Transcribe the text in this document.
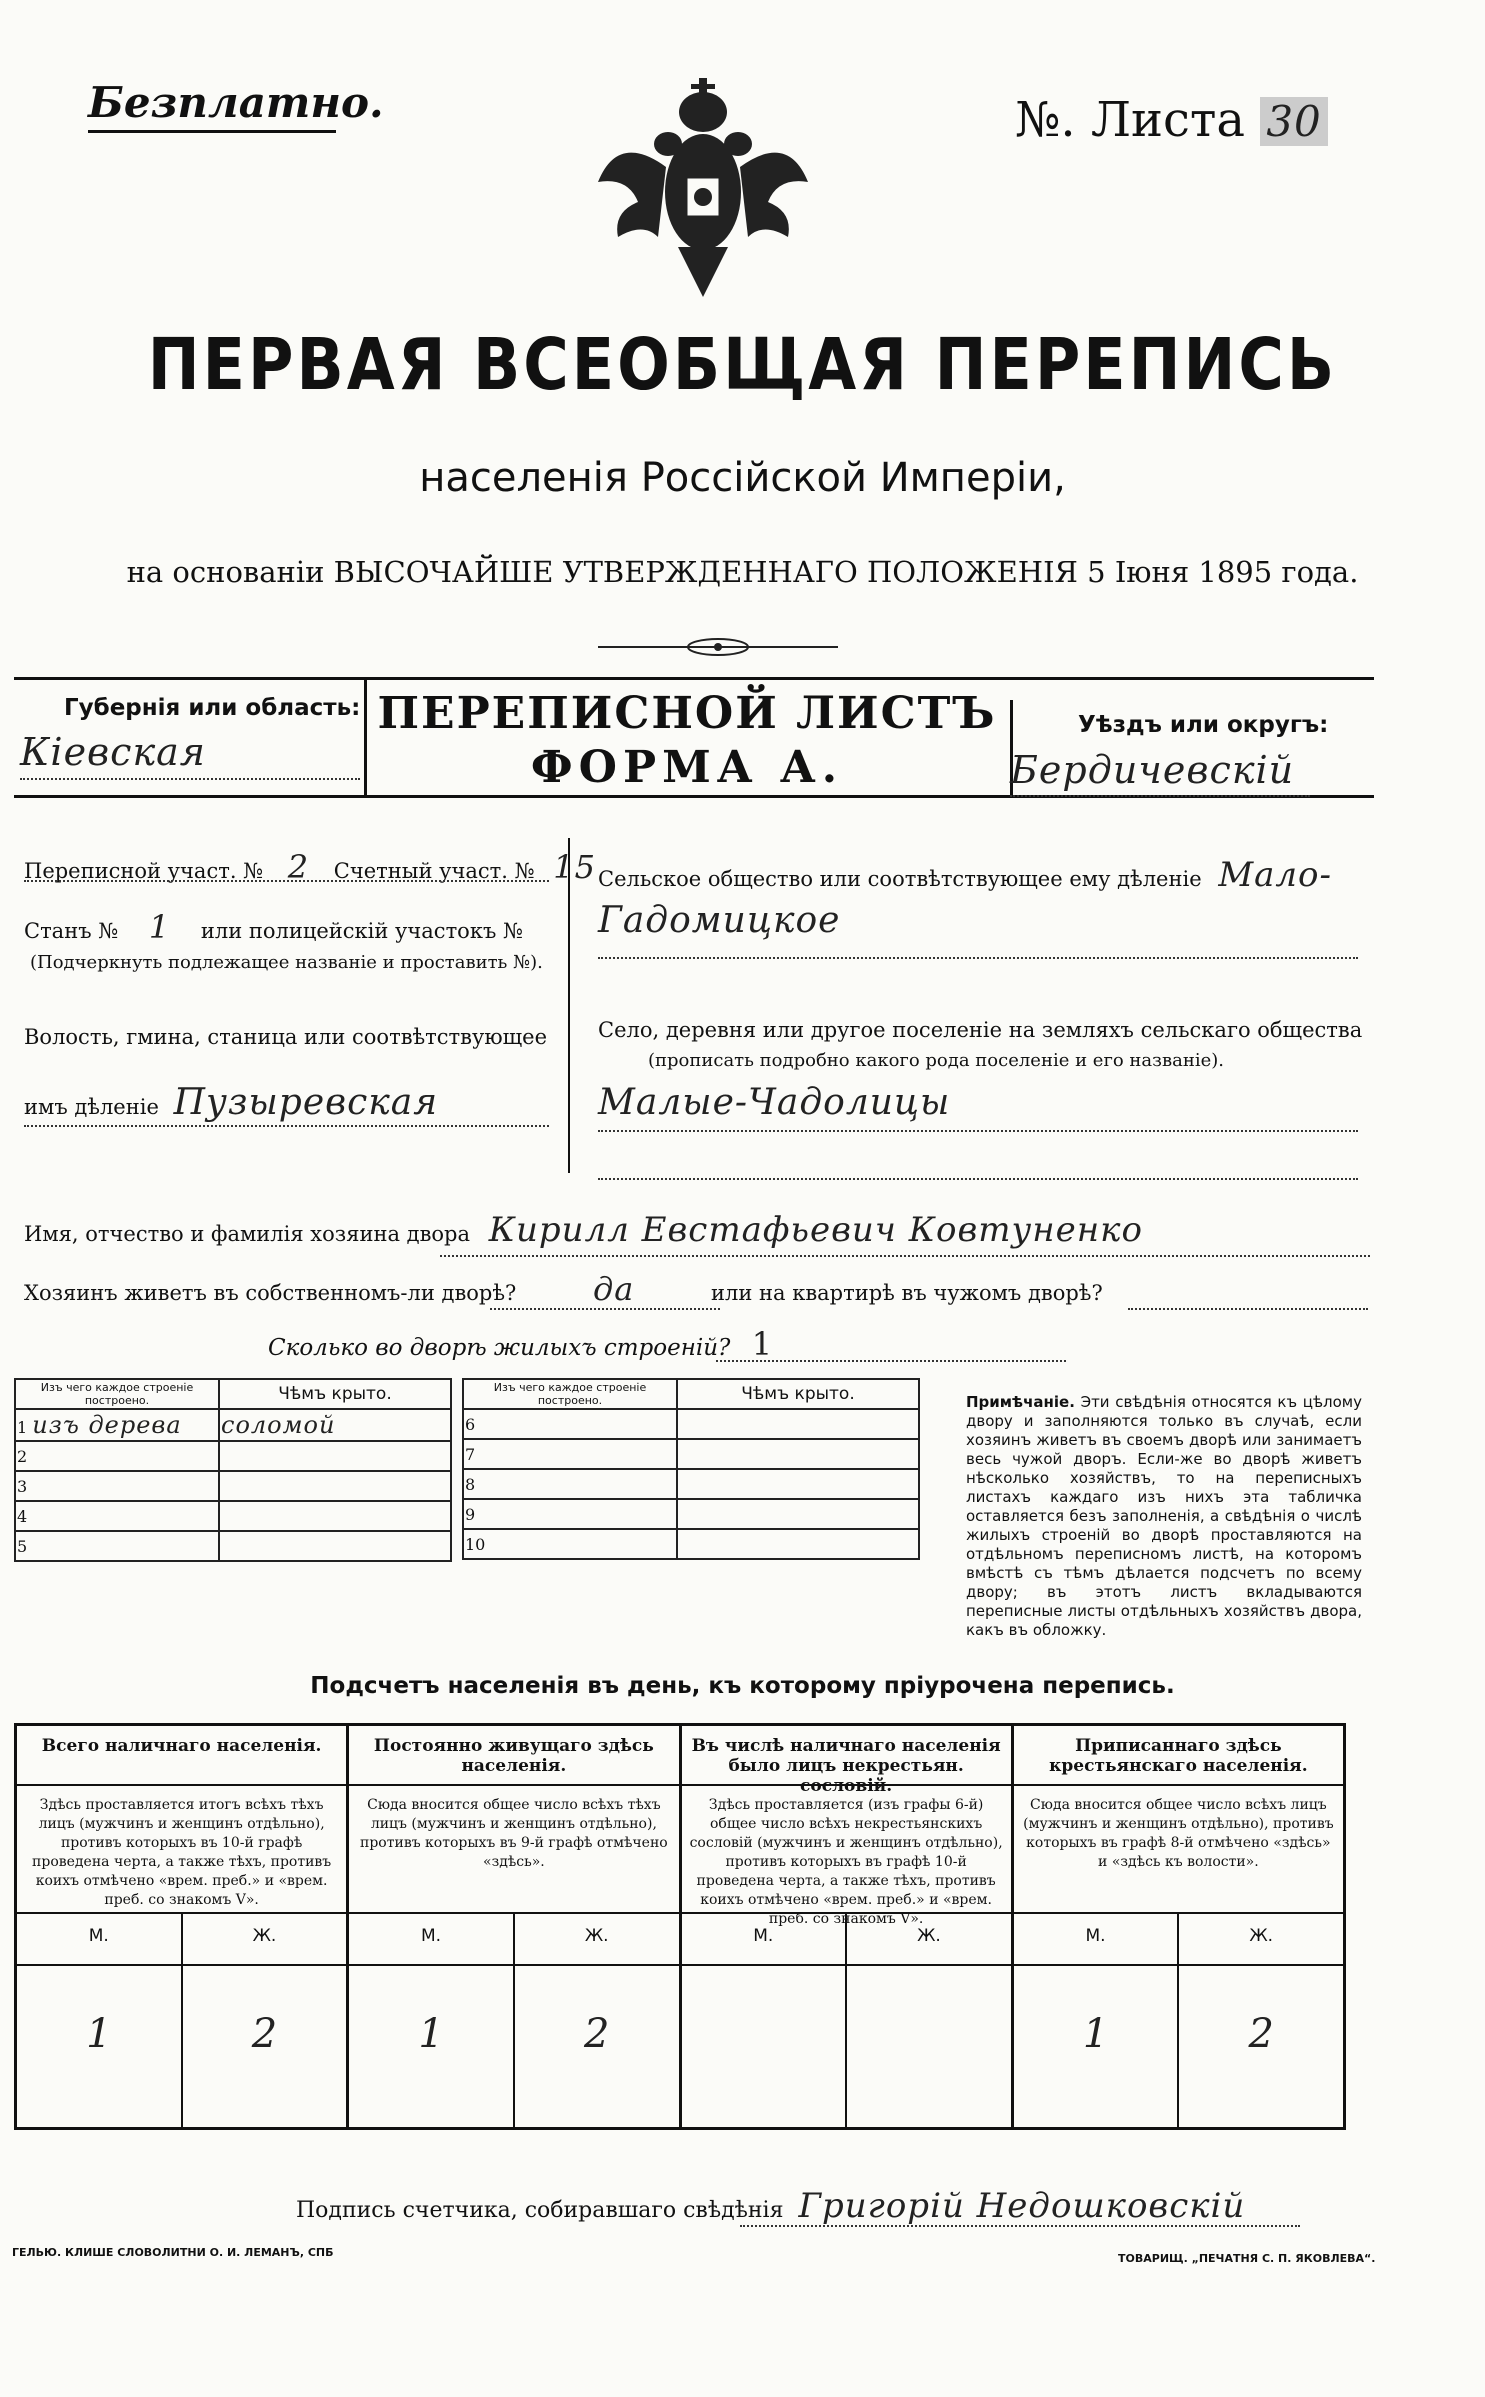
Безплатно.	№. Листа 30
ПЕРВАЯ ВСЕОБЩАЯ ПЕРЕПИСЬ
населенія Россійской Имперіи,
на основаніи ВЫСОЧАЙШЕ УТВЕРЖДЕННАГО ПОЛОЖЕНІЯ 5 Іюня 1895 года.
Губернія или область:
Кіевская
ПЕРЕПИСНОЙ ЛИСТЪ
ФОРМА А.
Уѣздъ или округъ:
Бердичевскій
Переписной участ. № 2 Счетный участ. № 15
Станъ № 1 или полицейскій участокъ №
(Подчеркнуть подлежащее названіе и проставить №).
Волость, гмина, станица или соотвѣтствующее
имъ дѣленіе Пузыревская
Сельское общество или соотвѣтствующее ему дѣленіе Мало-
Гадомицкое
Село, деревня или другое поселеніе на земляхъ сельскаго общества
(прописать подробно какого рода поселеніе и его названіе).
Малые-Чадолицы
Имя, отчество и фамилія хозяина двора Кирилл Евстафьевич Ковтуненко
Хозяинъ живетъ въ собственномъ-ли дворѣ? да	или на квартирѣ въ чужомъ дворѣ?
Сколько во дворѣ жилыхъ строеній? 1
Изъ чего каждое строеніе построено.	Чѣмъ крыто.
1 изъ дерева	соломой
2	
3	
4	
5	
Изъ чего каждое строеніе построено.	Чѣмъ крыто.
6	
7	
8	
9	
10	
Примѣчаніе. Эти свѣдѣнія относятся къ цѣлому двору и заполняются только въ случаѣ, если хозяинъ живетъ въ своемъ дворѣ или занимаетъ весь чужой дворъ. Если-же во дворѣ живетъ нѣсколько хозяйствъ, то на переписныхъ листахъ каждаго изъ нихъ эта табличка оставляется безъ заполненія, а свѣдѣнія о числѣ жилыхъ строеній во дворѣ проставляются на отдѣльномъ переписномъ листѣ, на которомъ вмѣстѣ съ тѣмъ дѣлается подсчетъ по всему двору; въ этотъ листъ вкладываются переписные листы отдѣльныхъ хозяйствъ двора, какъ въ обложку.
Подсчетъ населенія въ день, къ которому пріурочена перепись.
Всего наличнаго населенія.
Здѣсь проставляется итогъ всѣхъ тѣхъ лицъ (мужчинъ и женщинъ отдѣльно), противъ которыхъ въ 10-й графѣ проведена черта, а также тѣхъ, противъ коихъ отмѣчено «врем. преб.» и «врем. преб. со знакомъ V».
М.	Ж.
1	2
Постоянно живущаго здѣсь населенія.
Сюда вносится общее число всѣхъ тѣхъ лицъ (мужчинъ и женщинъ отдѣльно), противъ которыхъ въ 9-й графѣ отмѣчено «здѣсь».
М.	Ж.
1	2
Въ числѣ наличнаго населенія было лицъ некрестьян. сословій.
Здѣсь проставляется (изъ графы 6-й) общее число всѣхъ некрестьянскихъ сословій (мужчинъ и женщинъ отдѣльно), противъ которыхъ въ графѣ 10-й проведена черта, а также тѣхъ, противъ коихъ отмѣчено «врем. преб.» и «врем. преб. со знакомъ V».
М.	Ж.
Приписаннаго здѣсь крестьянскаго населенія.
Сюда вносится общее число всѣхъ лицъ (мужчинъ и женщинъ отдѣльно), противъ которыхъ въ графѣ 8-й отмѣчено «здѣсь» и «здѣсь къ волости».
М.	Ж.
1	2
Подпись счетчика, собиравшаго свѣдѣнія Григорій Недошковскій
ГЕЛЬЮ. КЛИШЕ СЛОВОЛИТНИ О. И. ЛЕМАНЪ, СПБ	ТОВАРИЩ. „ПЕЧАТНЯ С. П. ЯКОВЛЕВА“.
